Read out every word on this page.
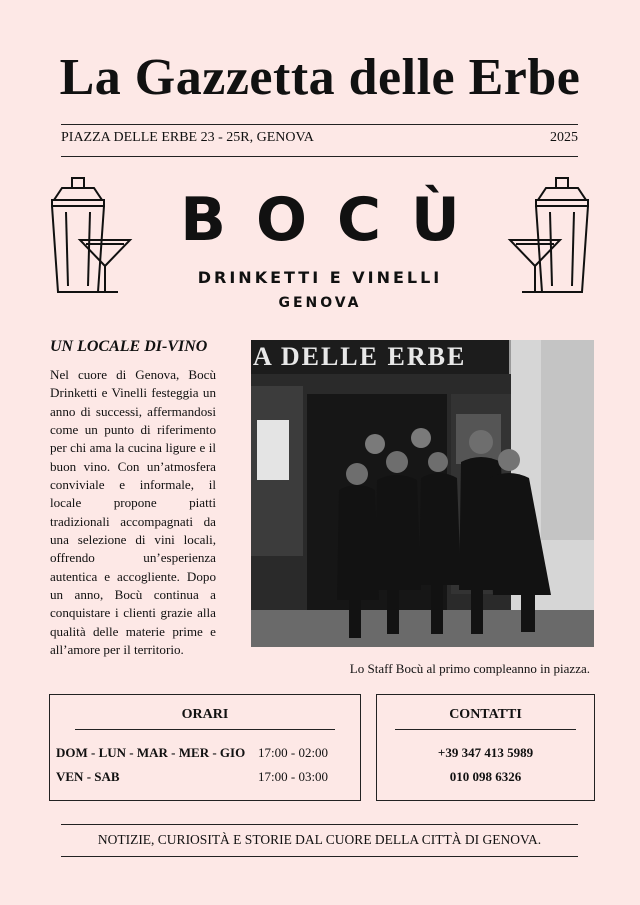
La Gazzetta delle Erbe
PIAZZA DELLE ERBE 23 - 25R, GENOVA	2025
BOCÙ
DRINKETTI E VINELLI
GENOVA
UN LOCALE DI-VINO
Nel cuore di Genova, Bocù Drinketti e Vinelli festeggia un anno di successi, affermandosi come un punto di riferimento per chi ama la cucina ligure e il buon vino. Con un’atmosfera conviviale e informale, il locale propone piatti tradizionali accompagnati da una selezione di vini locali, offrendo un’esperienza autentica e accogliente. Dopo un anno, Bocù continua a conquistare i clienti grazie alla qualità delle materie prime e all’amore per il territorio.
A DELLE ERBE
Lo Staff Bocù al primo compleanno in piazza.
ORARI
DOM - LUN - MAR - MER - GIO 17:00 - 02:00
VEN - SAB	17:00 - 03:00
CONTATTI
+39 347 413 5989
010 098 6326
NOTIZIE, CURIOSITÀ E STORIE DAL CUORE DELLA CITTÀ DI GENOVA.
